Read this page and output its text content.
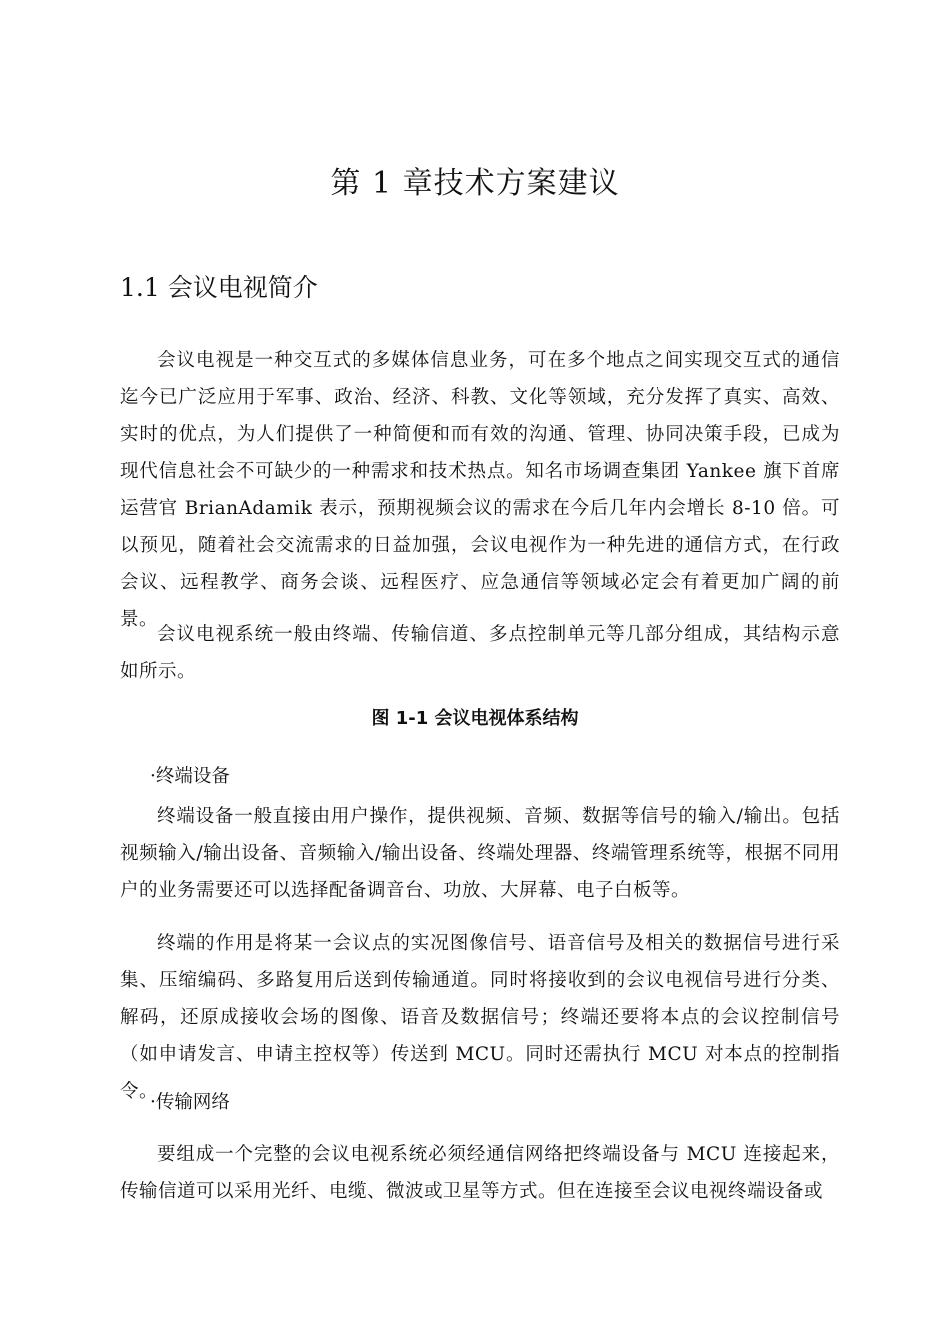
第 1 章技术方案建议
1.1 会议电视简介

会议电视是一种交互式的多媒体信息业务，可在多个地点之间实现交互式的通信迄今已广泛应用于军事、政治、经济、科教、文化等领域，充分发挥了真实、高效、实时的优点，为人们提供了一种简便和而有效的沟通、管理、协同决策手段，已成为现代信息社会不可缺少的一种需求和技术热点。知名市场调查集团 Yankee 旗下首席运营官 BrianAdamik 表示，预期视频会议的需求在今后几年内会增长 8-10 倍。可以预见，随着社会交流需求的日益加强，会议电视作为一种先进的通信方式，在行政会议、远程教学、商务会谈、远程医疗、应急通信等领域必定会有着更加广阔的前景。

会议电视系统一般由终端、传输信道、多点控制单元等几部分组成，其结构示意如所示。

图 1-1 会议电视体系结构

·终端设备

终端设备一般直接由用户操作，提供视频、音频、数据等信号的输入/输出。包括视频输入/输出设备、音频输入/输出设备、终端处理器、终端管理系统等，根据不同用户的业务需要还可以选择配备调音台、功放、大屏幕、电子白板等。

终端的作用是将某一会议点的实况图像信号、语音信号及相关的数据信号进行采集、压缩编码、多路复用后送到传输通道。同时将接收到的会议电视信号进行分类、解码，还原成接收会场的图像、语音及数据信号；终端还要将本点的会议控制信号（如申请发言、申请主控权等）传送到 MCU。同时还需执行 MCU 对本点的控制指令。

·传输网络

要组成一个完整的会议电视系统必须经通信网络把终端设备与 MCU 连接起来，传输信道可以采用光纤、电缆、微波或卫星等方式。但在连接至会议电视终端设备或
